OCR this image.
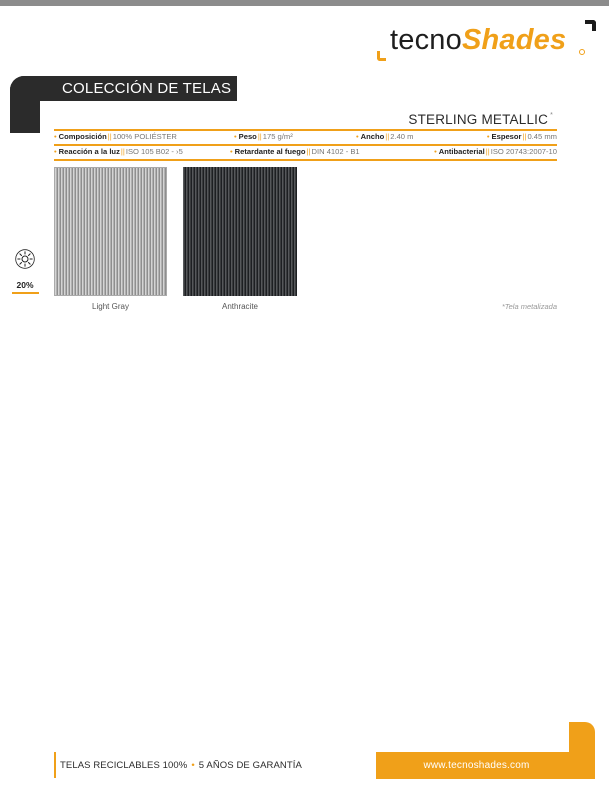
tecnoShades
COLECCIÓN DE TELAS
STERLING METALLIC *
• Composición||100% POLIÉSTER	• Peso||175 g/m²	• Ancho||2.40 m	• Espesor||0.45 mm
• Reacción a la luz||ISO 105 B02 - ›5	• Retardante al fuego||DIN 4102 - B1	• Antibacterial||ISO 20743:2007-10
20%
Light Gray	Anthracite	*Tela metalizada
TELAS RECICLABLES 100% • 5 AÑOS DE GARANTÍA	www.tecnoshades.com
